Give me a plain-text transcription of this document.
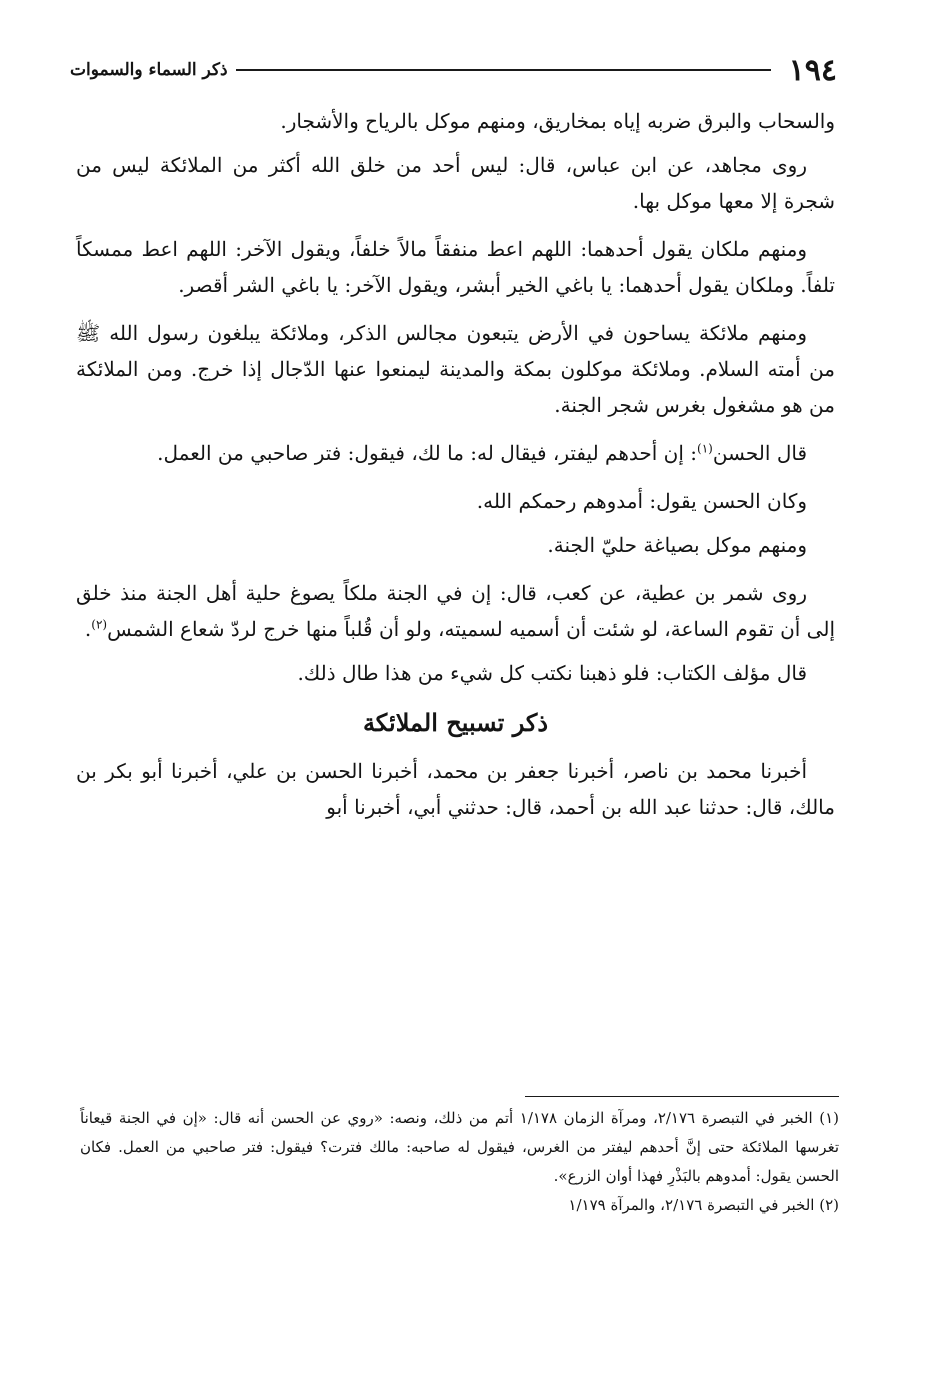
١٩٤
ذكر السماء والسموات

والسحاب والبرق ضربه إياه بمخاريق، ومنهم موكل بالرياح والأشجار.

روى مجاهد، عن ابن عباس، قال: ليس أحد من خلق الله أكثر من الملائكة ليس من شجرة إلا معها موكل بها.

ومنهم ملكان يقول أحدهما: اللهم اعط منفقاً مالاً خلفاً، ويقول الآخر: اللهم اعط ممسكاً تلفاً. وملكان يقول أحدهما: يا باغي الخير أبشر، ويقول الآخر: يا باغي الشر أقصر.

ومنهم ملائكة يساحون في الأرض يتبعون مجالس الذكر، وملائكة يبلغون رسول الله ﷺ من أمته السلام. وملائكة موكلون بمكة والمدينة ليمنعوا عنها الدّجال إذا خرج. ومن الملائكة من هو مشغول بغرس شجر الجنة.

قال الحسن$^{(١)}$: إن أحدهم ليفتر، فيقال له: ما لك، فيقول: فتر صاحبي من العمل.

وكان الحسن يقول: أمدوهم رحمكم الله.

ومنهم موكل بصياغة حليّ الجنة.

روى شمر بن عطية، عن كعب، قال: إن في الجنة ملكاً يصوغ حلية أهل الجنة منذ خلق إلى أن تقوم الساعة، لو شئت أن أسميه لسميته، ولو أن قُلباً منها خرج لردّ شعاع الشمس$^{(٢)}$.

قال مؤلف الكتاب: فلو ذهبنا نكتب كل شيء من هذا طال ذلك.

ذكر تسبيح الملائكة

أخبرنا محمد بن ناصر، أخبرنا جعفر بن محمد، أخبرنا الحسن بن علي، أخبرنا أبو بكر بن مالك، قال: حدثنا عبد الله بن أحمد، قال: حدثني أبي، أخبرنا أبو

(١) الخبر في التبصرة ٢/١٧٦، ومرآة الزمان ١/١٧٨ أتم من ذلك، ونصه: «روي عن الحسن أنه قال: «إن في الجنة قيعاناً تغرسها الملائكة حتى إنَّ أحدهم ليفتر من الغرس، فيقول له صاحبه: مالك فترت؟ فيقول: فتر صاحبي من العمل. فكان الحسن يقول: أمدوهم بالبَذْرِ فهذا أوان الزرع».

(٢) الخبر في التبصرة ٢/١٧٦، والمرآة ١/١٧٩
